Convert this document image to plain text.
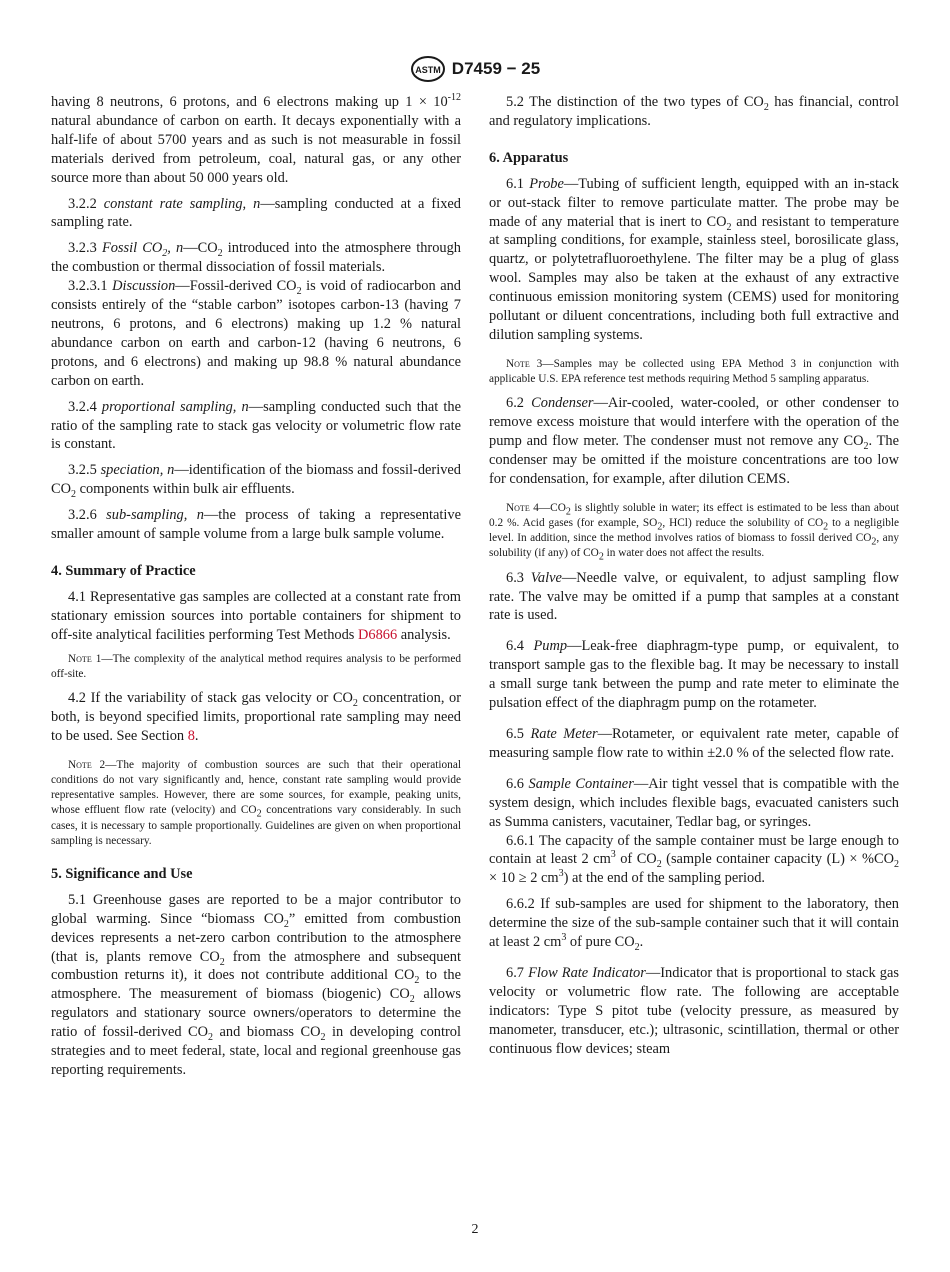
ASTM D7459 − 25

having 8 neutrons, 6 protons, and 6 electrons making up $1 \times 10^{-12}$ natural abundance of carbon on earth. It decays exponentially with a half-life of about 5700 years and as such is not measurable in fossil materials derived from petroleum, coal, natural gas, or any other source more than about 50 000 years old.

3.2.2 constant rate sampling, n—sampling conducted at a fixed sampling rate.

3.2.3 Fossil $CO_2$, $n—CO_2$ introduced into the atmosphere through the combustion or thermal dissociation of fossil materials.

3.2.3.1 Discussion—Fossil-derived $CO_2$ is void of radiocarbon and consists entirely of the “stable carbon” isotopes carbon-13 (having 7 neutrons, 6 protons, and 6 electrons) making up 1.2 % natural abundance carbon on earth and carbon-12 (having 6 neutrons, 6 protons, and 6 electrons) and making up 98.8 % natural abundance carbon on earth.

3.2.4 proportional sampling, n—sampling conducted such that the ratio of the sampling rate to stack gas velocity or volumetric flow rate is constant.

3.2.5 speciation, n—identification of the biomass and fossil-derived $CO_2$ components within bulk air effluents.

3.2.6 sub-sampling, n—the process of taking a representative smaller amount of sample volume from a large bulk sample volume.

4. Summary of Practice

4.1 Representative gas samples are collected at a constant rate from stationary emission sources into portable containers for shipment to off-site analytical facilities performing Test Methods D6866 analysis.

Note 1—The complexity of the analytical method requires analysis to be performed off-site.

4.2 If the variability of stack gas velocity or $CO_2$ concentration, or both, is beyond specified limits, proportional rate sampling may need to be used. See Section 8.

Note 2—The majority of combustion sources are such that their operational conditions do not vary significantly and, hence, constant rate sampling would provide representative samples. However, there are some sources, for example, peaking units, whose effluent flow rate (velocity) and $CO_2$ concentrations vary considerably. In such cases, it is necessary to sample proportionally. Guidelines are given on when proportional sampling is necessary.

5. Significance and Use

5.1 Greenhouse gases are reported to be a major contributor to global warming. Since “biomass $CO_2$” emitted from combustion devices represents a net-zero carbon contribution to the atmosphere (that is, plants remove $CO_2$ from the atmosphere and subsequent combustion returns it), it does not contribute additional $CO_2$ to the atmosphere. The measurement of biomass (biogenic) $CO_2$ allows regulators and stationary source owners/operators to determine the ratio of fossil-derived $CO_2$ and biomass $CO_2$ in developing control strategies and to meet federal, state, local and regional greenhouse gas reporting requirements.

5.2 The distinction of the two types of $CO_2$ has financial, control and regulatory implications.

6. Apparatus

6.1 Probe—Tubing of sufficient length, equipped with an in-stack or out-stack filter to remove particulate matter. The probe may be made of any material that is inert to $CO_2$ and resistant to temperature at sampling conditions, for example, stainless steel, borosilicate glass, quartz, or polytetrafluoroethylene. The filter may be a plug of glass wool. Samples may also be taken at the exhaust of any extractive continuous emission monitoring system (CEMS) used for monitoring pollutant or diluent concentrations, including both full extractive and dilution sampling systems.

Note 3—Samples may be collected using EPA Method 3 in conjunction with applicable U.S. EPA reference test methods requiring Method 5 sampling apparatus.

6.2 Condenser—Air-cooled, water-cooled, or other condenser to remove excess moisture that would interfere with the operation of the pump and flow meter. The condenser must not remove any $CO_2$. The condenser may be omitted if the moisture concentrations are too low for condensation, for example, after dilution CEMS.

Note $4—CO_2$ is slightly soluble in water; its effect is estimated to be less than about 0.2 %. Acid gases (for example, $SO_2$, HCl) reduce the solubility of $CO_2$ to a negligible level. In addition, since the method involves ratios of biomass to fossil derived $CO_2$, any solubility (if any) of $CO_2$ in water does not affect the results.

6.3 Valve—Needle valve, or equivalent, to adjust sampling flow rate. The valve may be omitted if a pump that samples at a constant rate is used.

6.4 Pump—Leak-free diaphragm-type pump, or equivalent, to transport sample gas to the flexible bag. It may be necessary to install a small surge tank between the pump and rate meter to eliminate the pulsation effect of the diaphragm pump on the rotameter.

6.5 Rate Meter—Rotameter, or equivalent rate meter, capable of measuring sample flow rate to within ±2.0 % of the selected flow rate.

6.6 Sample Container—Air tight vessel that is compatible with the system design, which includes flexible bags, evacuated canisters such as Summa canisters, vacutainer, Tedlar bag, or syringes.

6.6.1 The capacity of the sample container must be large enough to contain at least 2 $cm^3$ of $CO_2$ (sample container capacity $(L) \times \%CO_2 \times 10 \ge 2$ $cm^3$) at the end of the sampling period.

6.6.2 If sub-samples are used for shipment to the laboratory, then determine the size of the sub-sample container such that it will contain at least 2 $cm^3$ of pure $CO_2$.

6.7 Flow Rate Indicator—Indicator that is proportional to stack gas velocity or volumetric flow rate. The following are acceptable indicators: Type S pitot tube (velocity pressure, as measured by manometer, transducer, etc.); ultrasonic, scintillation, thermal or other continuous flow devices; steam

2
